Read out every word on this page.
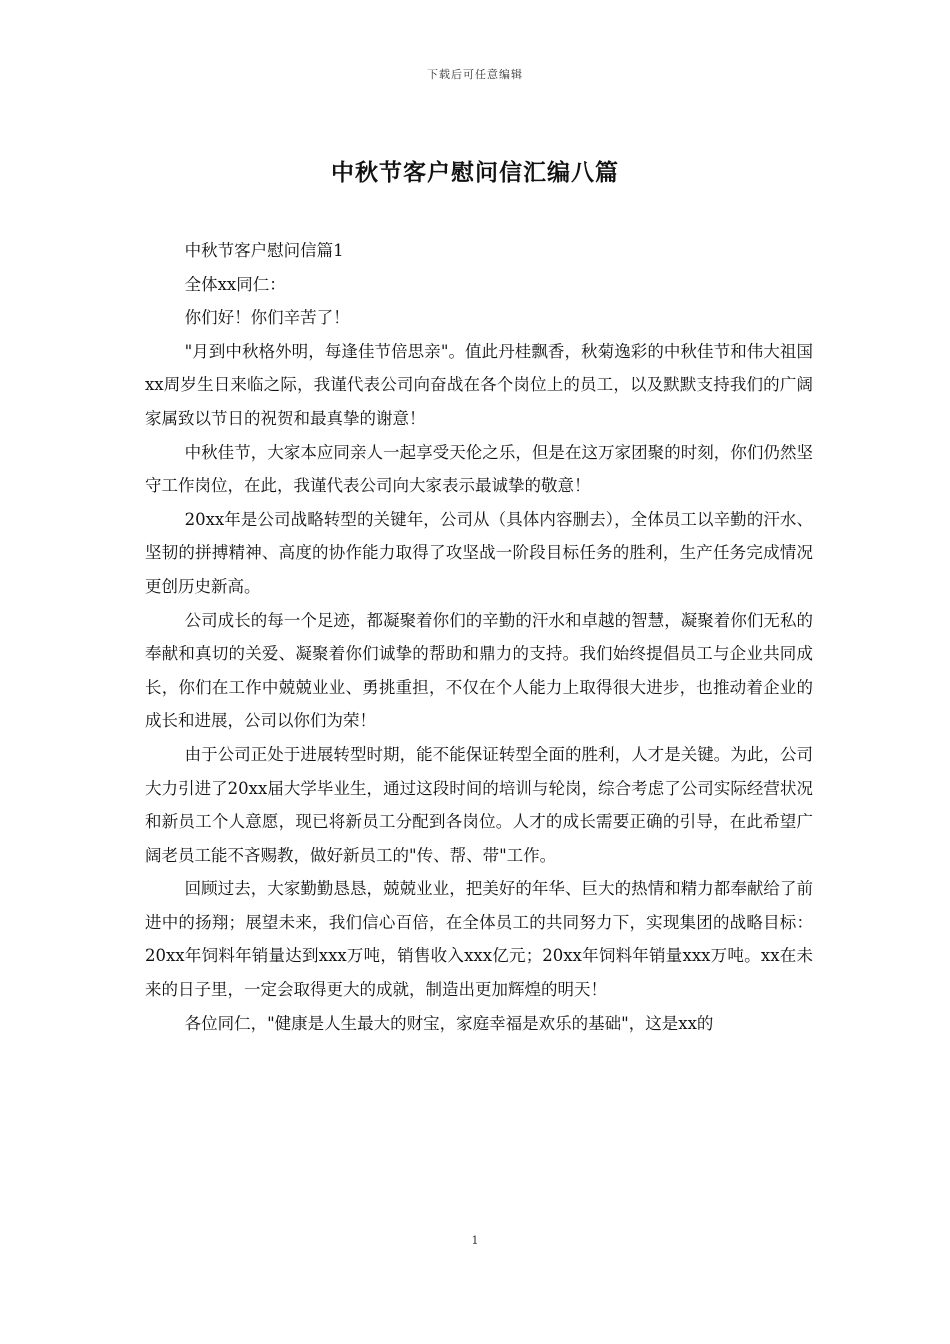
下载后可任意编辑
中秋节客户慰问信汇编八篇

中秋节客户慰问信篇1

全体xx同仁：

你们好！你们辛苦了！

"月到中秋格外明，每逢佳节倍思亲"。值此丹桂飘香，秋菊逸彩的中秋佳节和伟大祖国xx周岁生日来临之际，我谨代表公司向奋战在各个岗位上的员工，以及默默支持我们的广阔家属致以节日的祝贺和最真挚的谢意！

中秋佳节，大家本应同亲人一起享受天伦之乐，但是在这万家团聚的时刻，你们仍然坚守工作岗位，在此，我谨代表公司向大家表示最诚挚的敬意！

20xx年是公司战略转型的关键年，公司从（具体内容删去），全体员工以辛勤的汗水、坚韧的拼搏精神、高度的协作能力取得了攻坚战一阶段目标任务的胜利，生产任务完成情况更创历史新高。

公司成长的每一个足迹，都凝聚着你们的辛勤的汗水和卓越的智慧，凝聚着你们无私的奉献和真切的关爱、凝聚着你们诚挚的帮助和鼎力的支持。我们始终提倡员工与企业共同成长，你们在工作中兢兢业业、勇挑重担，不仅在个人能力上取得很大进步，也推动着企业的成长和进展，公司以你们为荣！

由于公司正处于进展转型时期，能不能保证转型全面的胜利，人才是关键。为此，公司大力引进了20xx届大学毕业生，通过这段时间的培训与轮岗，综合考虑了公司实际经营状况和新员工个人意愿，现已将新员工分配到各岗位。人才的成长需要正确的引导，在此希望广阔老员工能不吝赐教，做好新员工的"传、帮、带"工作。

回顾过去，大家勤勤恳恳，兢兢业业，把美好的年华、巨大的热情和精力都奉献给了前进中的扬翔；展望未来，我们信心百倍，在全体员工的共同努力下，实现集团的战略目标：20xx年饲料年销量达到xxx万吨，销售收入xxx亿元；20xx年饲料年销量xxx万吨。xx在未来的日子里，一定会取得更大的成就，制造出更加辉煌的明天！

各位同仁，"健康是人生最大的财宝，家庭幸福是欢乐的基础"，这是xx的

1
